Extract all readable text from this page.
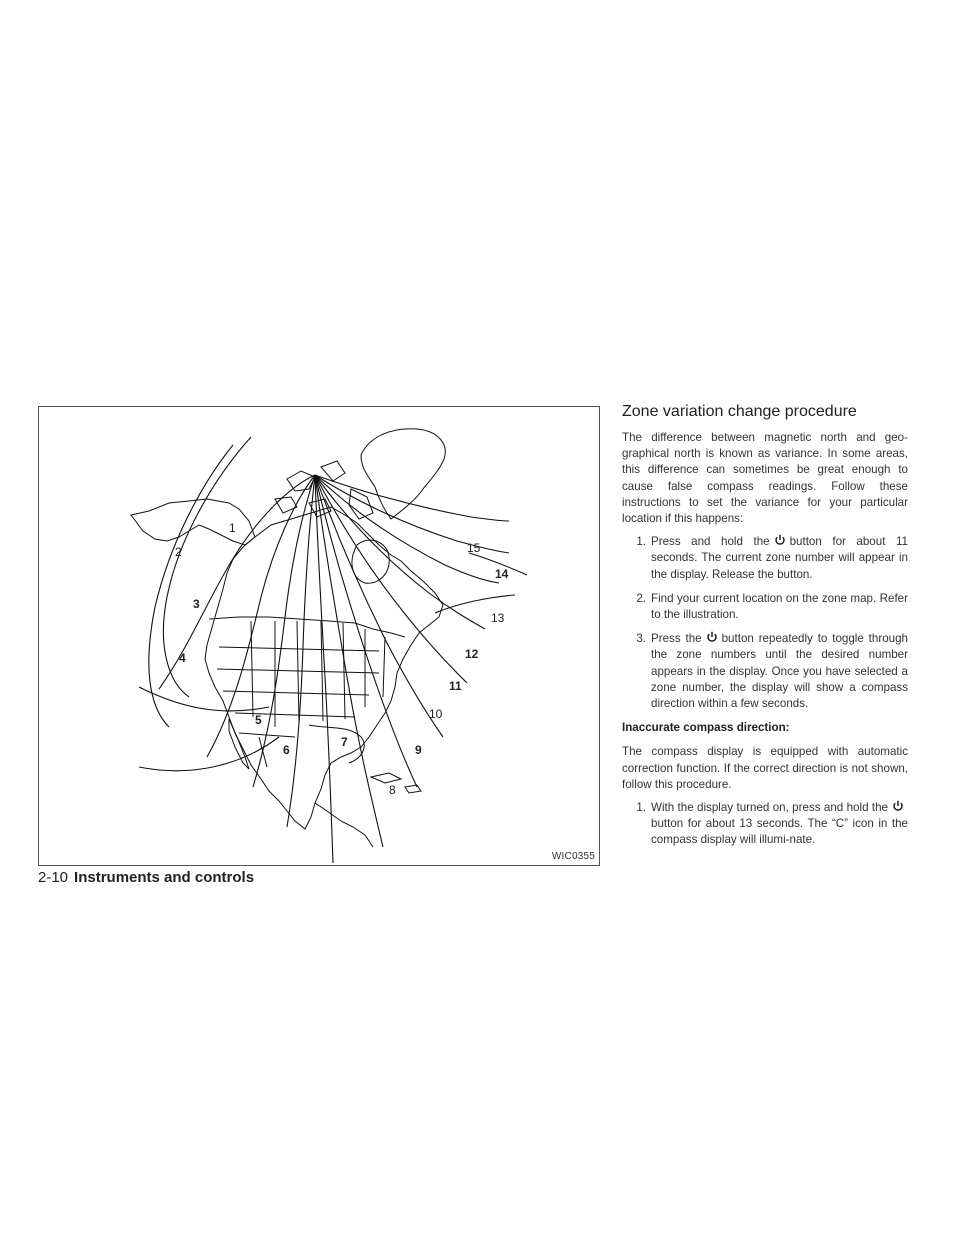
1
2
3
4
5
6
7
8
9
10
11
12
13
14
15
WIC0355
2-10 Instruments and controls
Zone variation change procedure

The difference between magnetic north and geo-graphical north is known as variance. In some areas, this difference can sometimes be great enough to cause false compass readings. Follow these instructions to set the variance for your particular location if this happens:

1. Press and hold the button for about 11 seconds. The current zone number will appear in the display. Release the button.
2. Find your current location on the zone map. Refer to the illustration.
3. Press the button repeatedly to toggle through the zone numbers until the desired number appears in the display. Once you have selected a zone number, the display will show a compass direction within a few seconds.
Inaccurate compass direction:

The compass display is equipped with automatic correction function. If the correct direction is not shown, follow this procedure.

1. With the display turned on, press and hold the
button for about 13 seconds. The “C” icon in the compass display will illumi-nate.
